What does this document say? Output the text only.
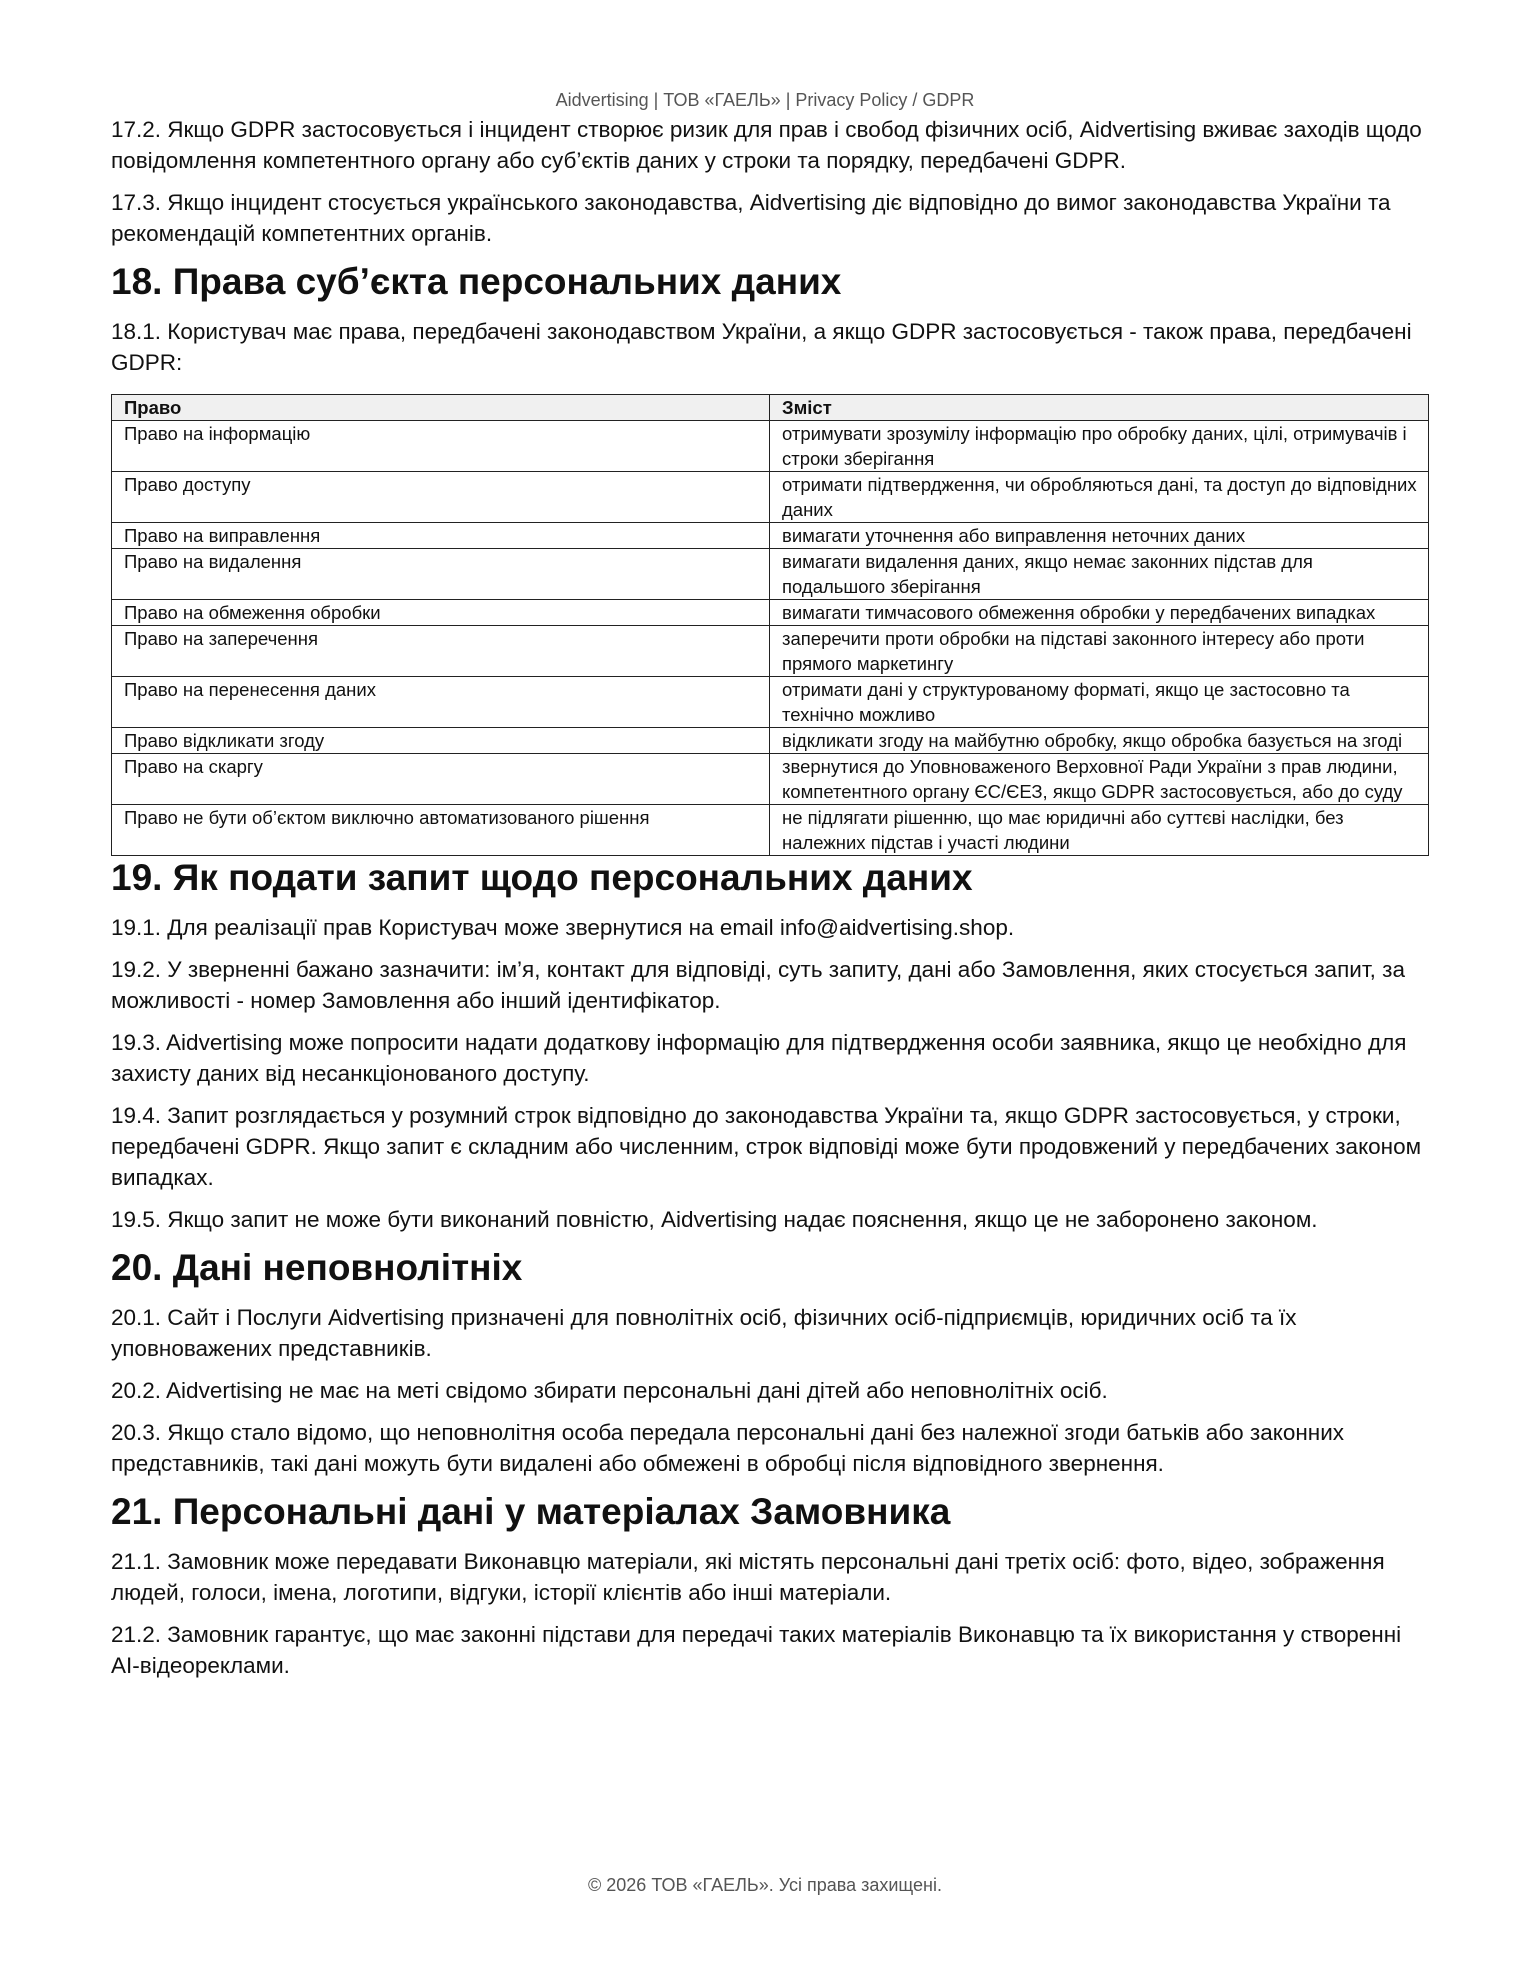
Aidvertising | ТОВ «ГАЕЛЬ» | Privacy Policy / GDPR

17.2. Якщо GDPR застосовується і інцидент створює ризик для прав і свобод фізичних осіб, Aidvertising вживає заходів щодо повідомлення компетентного органу або суб’єктів даних у строки та порядку, передбачені GDPR.

17.3. Якщо інцидент стосується українського законодавства, Aidvertising діє відповідно до вимог законодавства України та рекомендацій компетентних органів.

18. Права суб’єкта персональних даних

18.1. Користувач має права, передбачені законодавством України, а якщо GDPR застосовується - також права, передбачені GDPR:

Право	Зміст
Право на інформацію	отримувати зрозумілу інформацію про обробку даних, цілі, отримувачів і строки зберігання
Право доступу	отримати підтвердження, чи обробляються дані, та доступ до відповідних даних
Право на виправлення	вимагати уточнення або виправлення неточних даних
Право на видалення	вимагати видалення даних, якщо немає законних підстав для подальшого зберігання
Право на обмеження обробки	вимагати тимчасового обмеження обробки у передбачених випадках
Право на заперечення	заперечити проти обробки на підставі законного інтересу або проти прямого маркетингу
Право на перенесення даних	отримати дані у структурованому форматі, якщо це застосовно та технічно можливо
Право відкликати згоду	відкликати згоду на майбутню обробку, якщо обробка базується на згоді
Право на скаргу	звернутися до Уповноваженого Верховної Ради України з прав людини, компетентного органу ЄС/ЄЕЗ, якщо GDPR застосовується, або до суду
Право не бути об’єктом виключно автоматизованого рішення	не підлягати рішенню, що має юридичні або суттєві наслідки, без належних підстав і участі людини
19. Як подати запит щодо персональних даних

19.1. Для реалізації прав Користувач може звернутися на email info@aidvertising.shop.

19.2. У зверненні бажано зазначити: ім’я, контакт для відповіді, суть запиту, дані або Замовлення, яких стосується запит, за можливості - номер Замовлення або інший ідентифікатор.

19.3. Aidvertising може попросити надати додаткову інформацію для підтвердження особи заявника, якщо це необхідно для захисту даних від несанкціонованого доступу.

19.4. Запит розглядається у розумний строк відповідно до законодавства України та, якщо GDPR застосовується, у строки, передбачені GDPR. Якщо запит є складним або численним, строк відповіді може бути продовжений у передбачених законом випадках.

19.5. Якщо запит не може бути виконаний повністю, Aidvertising надає пояснення, якщо це не заборонено законом.

20. Дані неповнолітніх

20.1. Сайт і Послуги Aidvertising призначені для повнолітніх осіб, фізичних осіб-підприємців, юридичних осіб та їх уповноважених представників.

20.2. Aidvertising не має на меті свідомо збирати персональні дані дітей або неповнолітніх осіб.

20.3. Якщо стало відомо, що неповнолітня особа передала персональні дані без належної згоди батьків або законних представників, такі дані можуть бути видалені або обмежені в обробці після відповідного звернення.

21. Персональні дані у матеріалах Замовника

21.1. Замовник може передавати Виконавцю матеріали, які містять персональні дані третіх осіб: фото, відео, зображення людей, голоси, імена, логотипи, відгуки, історії клієнтів або інші матеріали.

21.2. Замовник гарантує, що має законні підстави для передачі таких матеріалів Виконавцю та їх використання у створенні AI-відеореклами.

© 2026 ТОВ «ГАЕЛЬ». Усі права захищені.
